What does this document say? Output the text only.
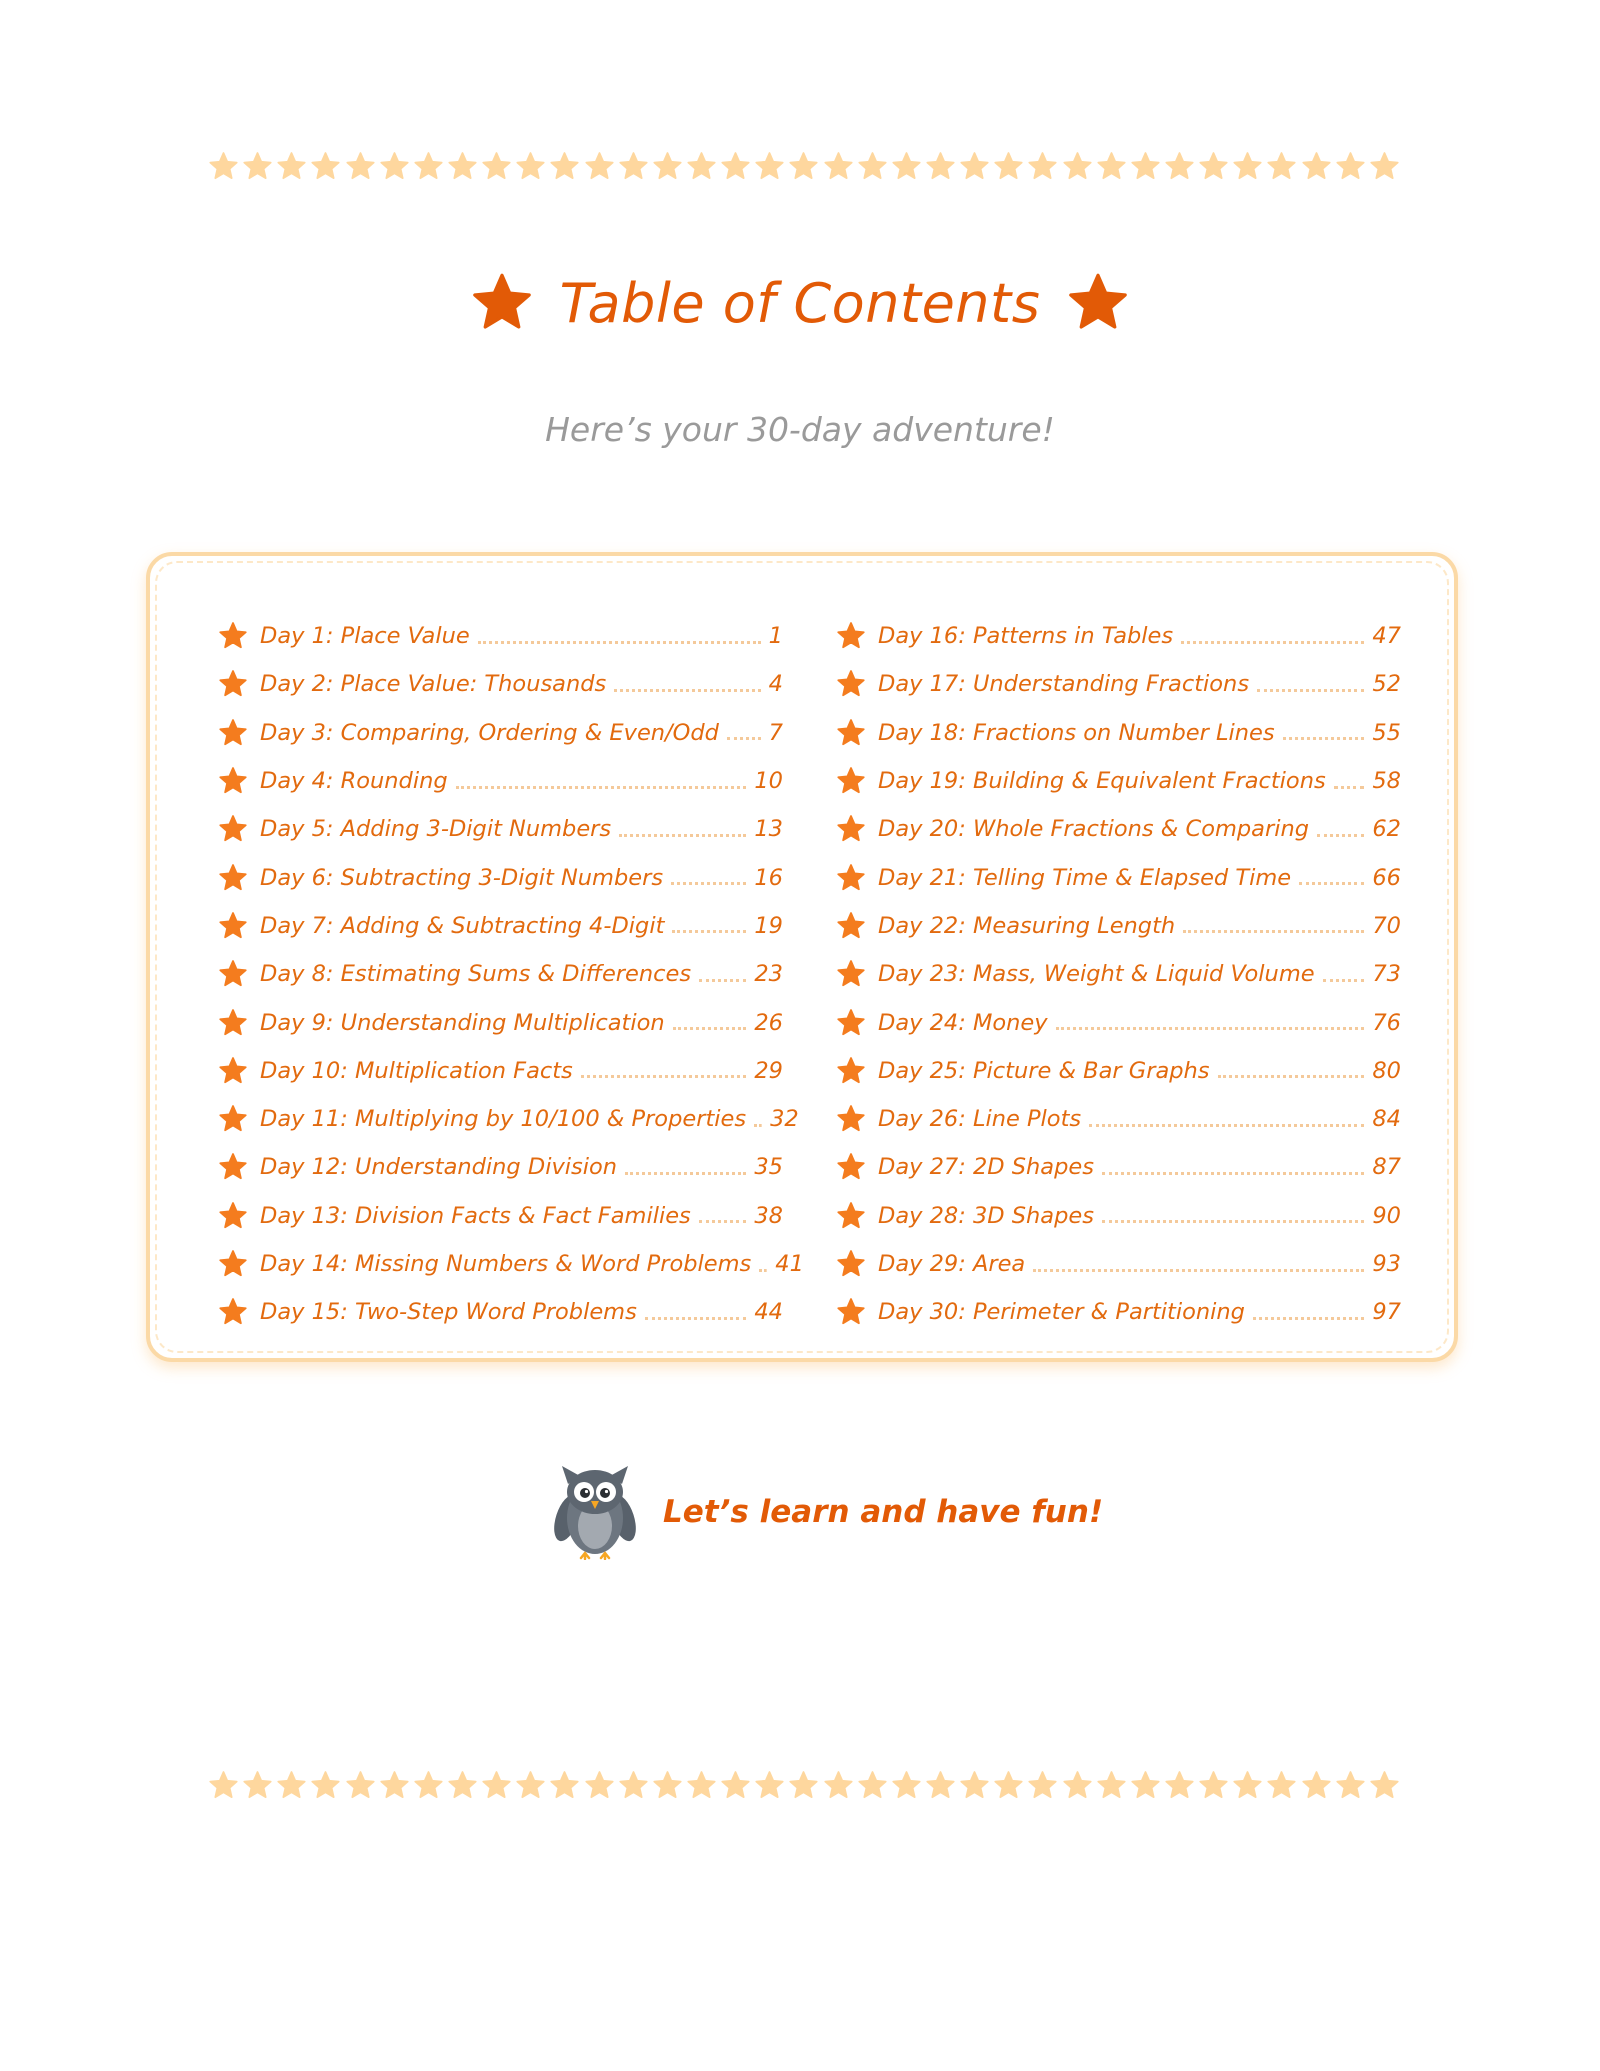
Table of Contents
Here’s your 30-day adventure!
Day 1: Place Value	1
Day 2: Place Value: Thousands	4
Day 3: Comparing, Ordering & Even/Odd 7
Day 4: Rounding	10
Day 5: Adding 3-Digit Numbers	13
Day 6: Subtracting 3-Digit Numbers	16
Day 7: Adding & Subtracting 4-Digit	19
Day 8: Estimating Sums & Differences	23
Day 9: Understanding Multiplication	26
Day 10: Multiplication Facts	29
Day 11: Multiplying by 10/100 & Properties 32
Day 12: Understanding Division	35
Day 13: Division Facts & Fact Families	38
Day 14: Missing Numbers & Word Problems 41
Day 15: Two-Step Word Problems	44
Day 16: Patterns in Tables	47
Day 17: Understanding Fractions	52
Day 18: Fractions on Number Lines	55
Day 19: Building & Equivalent Fractions 58
Day 20: Whole Fractions & Comparing	62
Day 21: Telling Time & Elapsed Time	66
Day 22: Measuring Length	70
Day 23: Mass, Weight & Liquid Volume	73
Day 24: Money	76
Day 25: Picture & Bar Graphs	80
Day 26: Line Plots	84
Day 27: 2D Shapes	87
Day 28: 3D Shapes	90
Day 29: Area	93
Day 30: Perimeter & Partitioning	97
Let’s learn and have fun!
